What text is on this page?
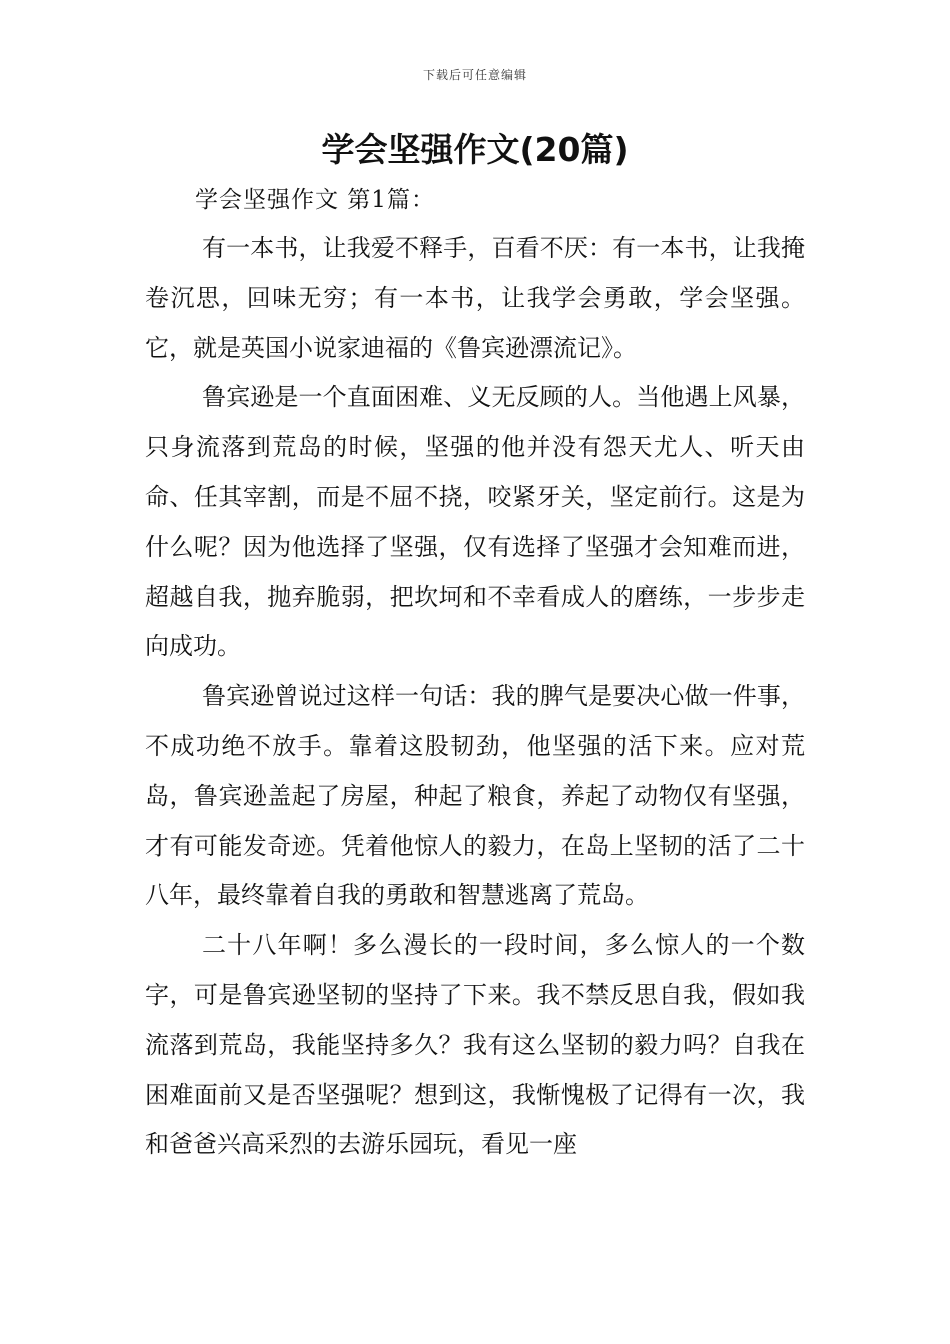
下载后可任意编辑
学会坚强作文(20篇)
学会坚强作文 第1篇：

有一本书，让我爱不释手，百看不厌：有一本书，让我掩卷沉思，回味无穷；有一本书，让我学会勇敢，学会坚强。它，就是英国小说家迪福的《鲁宾逊漂流记》。

鲁宾逊是一个直面困难、义无反顾的人。当他遇上风暴，只身流落到荒岛的时候，坚强的他并没有怨天尤人、听天由命、任其宰割，而是不屈不挠，咬紧牙关，坚定前行。这是为什么呢？因为他选择了坚强，仅有选择了坚强才会知难而进，超越自我，抛弃脆弱，把坎坷和不幸看成人的磨练，一步步走向成功。

鲁宾逊曾说过这样一句话：我的脾气是要决心做一件事，不成功绝不放手。靠着这股韧劲，他坚强的活下来。应对荒岛，鲁宾逊盖起了房屋，种起了粮食，养起了动物仅有坚强，才有可能发奇迹。凭着他惊人的毅力，在岛上坚韧的活了二十八年，最终靠着自我的勇敢和智慧逃离了荒岛。

二十八年啊！多么漫长的一段时间，多么惊人的一个数字，可是鲁宾逊坚韧的坚持了下来。我不禁反思自我，假如我流落到荒岛，我能坚持多久？我有这么坚韧的毅力吗？自我在困难面前又是否坚强呢？想到这，我惭愧极了记得有一次，我和爸爸兴高采烈的去游乐园玩，看见一座
